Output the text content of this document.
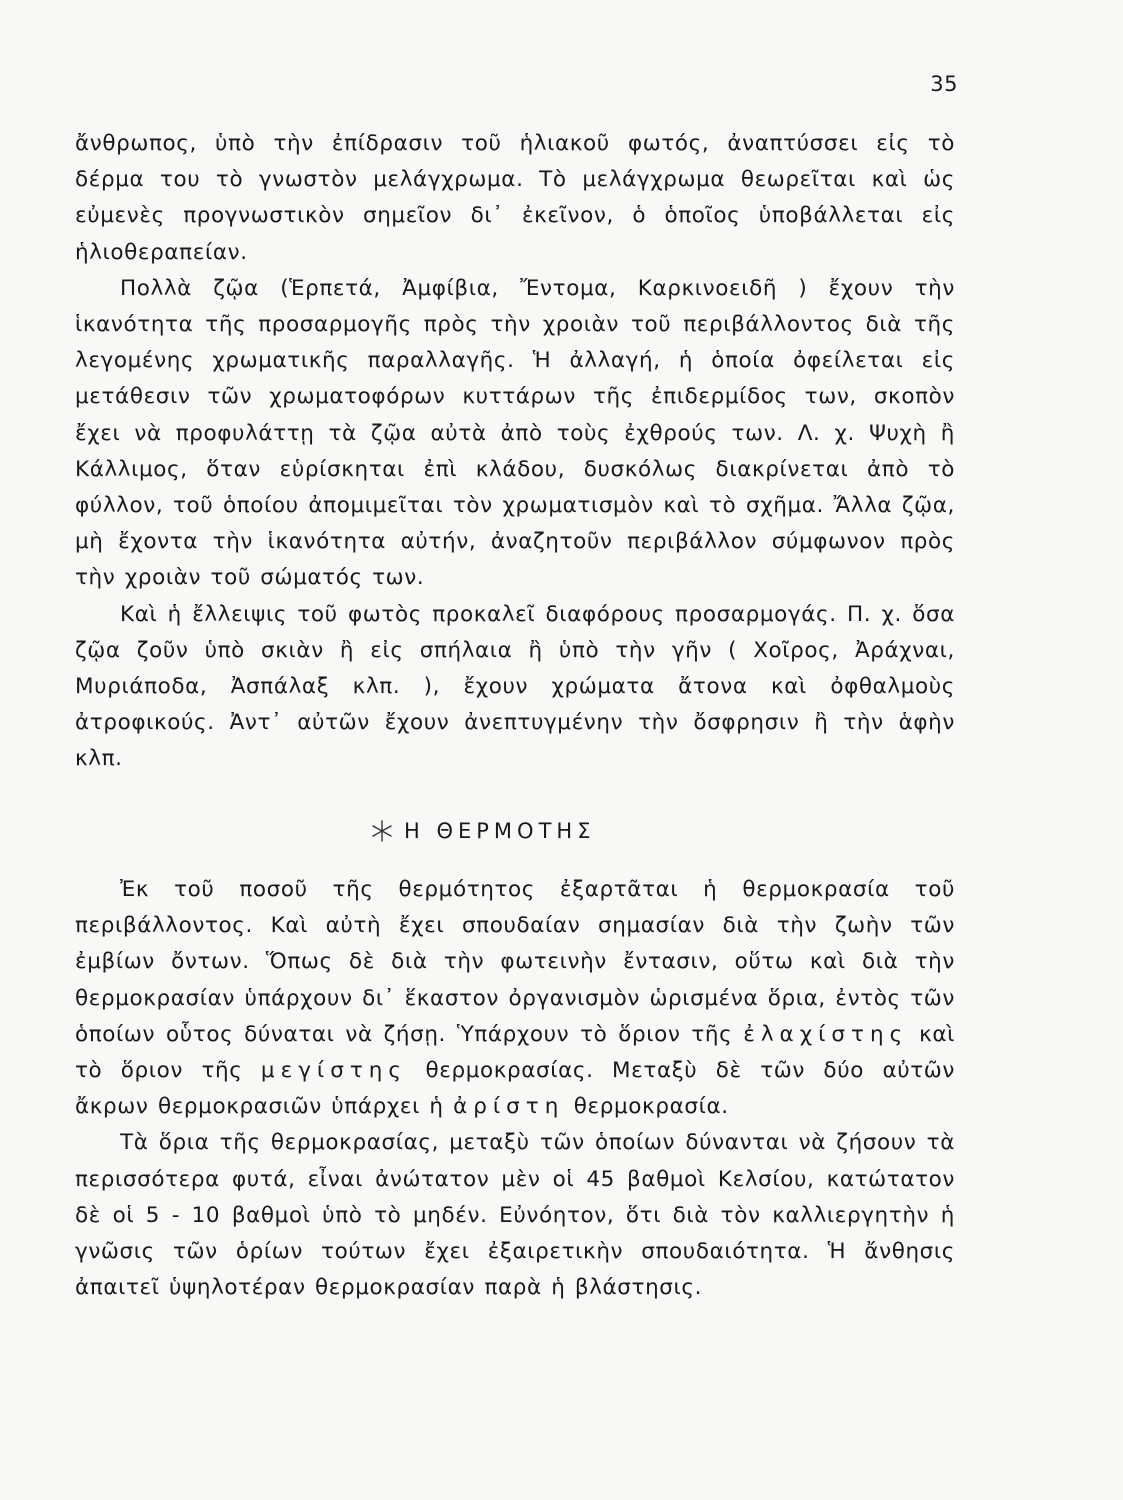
35

ἄνθρωπος, ὑπὸ τὴν ἐπίδρασιν τοῦ ἡλιακοῦ φωτός, ἀναπτύσσει εἰς τὸ δέρμα του τὸ γνωστὸν μελάγχρωμα. Τὸ μελάγχρωμα θεωρεῖται καὶ ὡς εὐμενὲς προγνωστικὸν σημεῖον δι᾽ ἐκεῖνον, ὁ ὁποῖος ὑποβάλλεται εἰς ἡλιοθεραπείαν.

Πολλὰ ζῷα (Ἑρπετά, Ἀμφίβια, Ἔντομα, Καρκινοειδῆ ) ἔχουν τὴν ἱκανότητα τῆς προσαρμογῆς πρὸς τὴν χροιὰν τοῦ περιβάλλοντος διὰ τῆς λεγομένης χρωματικῆς παραλλαγῆς. Ἡ ἀλλαγή, ἡ ὁποία ὀφείλεται εἰς μετάθεσιν τῶν χρωματοφόρων κυττάρων τῆς ἐπιδερμίδος των, σκοπὸν ἔχει νὰ προφυλάττῃ τὰ ζῷα αὐτὰ ἀπὸ τοὺς ἐχθρούς των. Λ. χ. Ψυχὴ ἢ Κάλλιμος, ὅταν εὑρίσκηται ἐπὶ κλάδου, δυσκόλως διακρίνεται ἀπὸ τὸ φύλλον, τοῦ ὁποίου ἀπομιμεῖται τὸν χρωματισμὸν καὶ τὸ σχῆμα. Ἄλλα ζῷα, μὴ ἔχοντα τὴν ἱκανότητα αὐτήν, ἀναζητοῦν περιβάλλον σύμφωνον πρὸς τὴν χροιὰν τοῦ σώματός των.

Καὶ ἡ ἔλλειψις τοῦ φωτὸς προκαλεῖ διαφόρους προσαρμογάς. Π. χ. ὅσα ζῷα ζοῦν ὑπὸ σκιὰν ἢ εἰς σπήλαια ἢ ὑπὸ τὴν γῆν ( Χοῖρος, Ἀράχναι, Μυριάποδα, Ἀσπάλαξ κλπ. ), ἔχουν χρώματα ἄτονα καὶ ὀφθαλμοὺς ἀτροφικούς. Ἀντ᾽ αὐτῶν ἔχουν ἀνεπτυγμένην τὴν ὄσφρησιν ἢ τὴν ἁφὴν κλπ.

Η ΘΕΡΜΟΤΗΣ

Ἐκ τοῦ ποσοῦ τῆς θερμότητος ἐξαρτᾶται ἡ θερμοκρασία τοῦ περιβάλλοντος. Καὶ αὐτὴ ἔχει σπουδαίαν σημασίαν διὰ τὴν ζωὴν τῶν ἐμβίων ὄντων. Ὅπως δὲ διὰ τὴν φωτεινὴν ἔντασιν, οὕτω καὶ διὰ τὴν θερμοκρασίαν ὑπάρχουν δι᾽ ἕκαστον ὀργανισμὸν ὡρισμένα ὅρια, ἐντὸς τῶν ὁποίων οὗτος δύναται νὰ ζήσῃ. Ὑπάρχουν τὸ ὅριον τῆς ἐλαχίστης καὶ τὸ ὅριον τῆς μεγίστης θερμοκρασίας. Μεταξὺ δὲ τῶν δύο αὐτῶν ἄκρων θερμοκρασιῶν ὑπάρχει ἡ ἀρίστη θερμοκρασία.

Τὰ ὅρια τῆς θερμοκρασίας, μεταξὺ τῶν ὁποίων δύνανται νὰ ζήσουν τὰ περισσότερα φυτά, εἶναι ἀνώτατον μὲν οἱ 45 βαθμοὶ Κελσίου, κατώτατον δὲ οἱ 5 - 10 βαθμοὶ ὑπὸ τὸ μηδέν. Εὐνόητον, ὅτι διὰ τὸν καλλιεργητὴν ἡ γνῶσις τῶν ὁρίων τούτων ἔχει ἐξαιρετικὴν σπουδαιότητα. Ἡ ἄνθησις ἀπαιτεῖ ὑψηλοτέραν θερμοκρασίαν παρὰ ἡ βλάστησις.
